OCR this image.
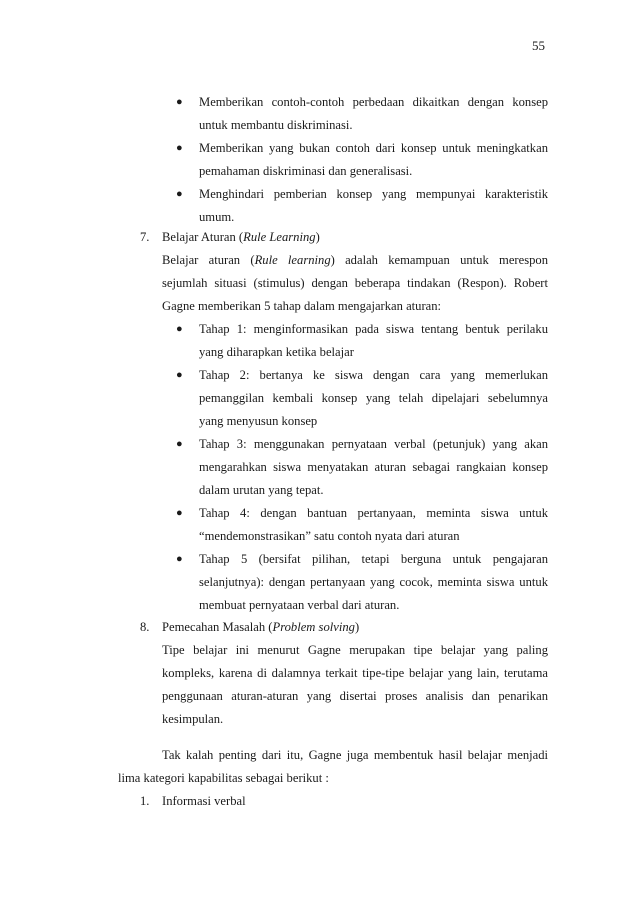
55
● Memberikan contoh-contoh perbedaan dikaitkan dengan konsep
untuk membantu diskriminasi.
● Memberikan yang bukan contoh dari konsep untuk meningkatkan
pemahaman diskriminasi dan generalisasi.
● Menghindari pemberian konsep yang mempunyai karakteristik
umum.
7. Belajar Aturan (Rule Learning)
Belajar aturan (Rule learning) adalah kemampuan untuk merespon
sejumlah situasi (stimulus) dengan beberapa tindakan (Respon). Robert
Gagne memberikan 5 tahap dalam mengajarkan aturan:
● Tahap 1: menginformasikan pada siswa tentang bentuk perilaku
yang diharapkan ketika belajar
● Tahap 2: bertanya ke siswa dengan cara yang memerlukan
pemanggilan kembali konsep yang telah dipelajari sebelumnya
yang menyusun konsep
● Tahap 3: menggunakan pernyataan verbal (petunjuk) yang akan
mengarahkan siswa menyatakan aturan sebagai rangkaian konsep
dalam urutan yang tepat.
● Tahap 4: dengan bantuan pertanyaan, meminta siswa untuk
“mendemonstrasikan” satu contoh nyata dari aturan
● Tahap 5 (bersifat pilihan, tetapi berguna untuk pengajaran
selanjutnya): dengan pertanyaan yang cocok, meminta siswa untuk
membuat pernyataan verbal dari aturan.
8. Pemecahan Masalah (Problem solving)
Tipe belajar ini menurut Gagne merupakan tipe belajar yang paling
kompleks, karena di dalamnya terkait tipe-tipe belajar yang lain, terutama
penggunaan aturan-aturan yang disertai proses analisis dan penarikan
kesimpulan.
Tak kalah penting dari itu, Gagne juga membentuk hasil belajar menjadi
lima kategori kapabilitas sebagai berikut :
1. Informasi verbal
